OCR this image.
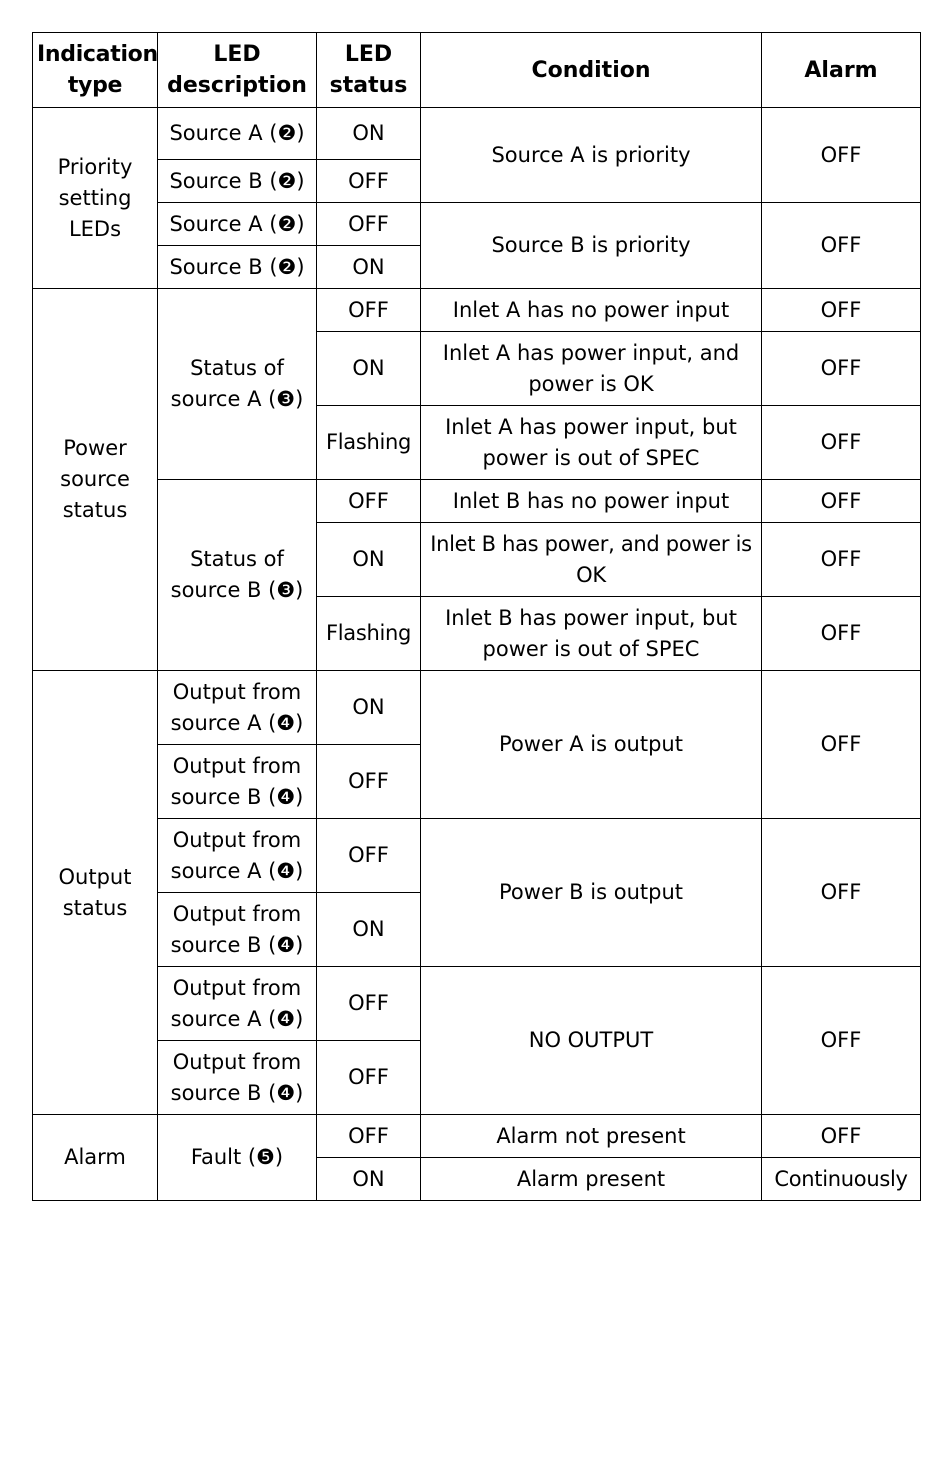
Indication type	LED description	LED status	Condition	Alarm
Priority setting LEDs	Source A (❷)	ON	Source A is priority	OFF
	Source B (❷)	OFF		
	Source A (❷)	OFF	Source B is priority	OFF
	Source B (❷)	ON		
Power source status	Status of source A (❸)	OFF	Inlet A has no power input	OFF
		ON	Inlet A has power input, and power is OK	OFF
		Flashing	Inlet A has power input, but power is out of SPEC	OFF
	Status of source B (❸)	OFF	Inlet B has no power input	OFF
		ON	Inlet B has power, and power is OK	OFF
		Flashing	Inlet B has power input, but power is out of SPEC	OFF
Output status	Output from source A (❹)	ON	Power A is output	OFF
	Output from source B (❹)	OFF		
	Output from source A (❹)	OFF	Power B is output	OFF
	Output from source B (❹)	ON		
	Output from source A (❹)	OFF	NO OUTPUT	OFF
	Output from source B (❹)	OFF		
Alarm	Fault (❺)	OFF	Alarm not present	OFF
		ON	Alarm present	Continuously
